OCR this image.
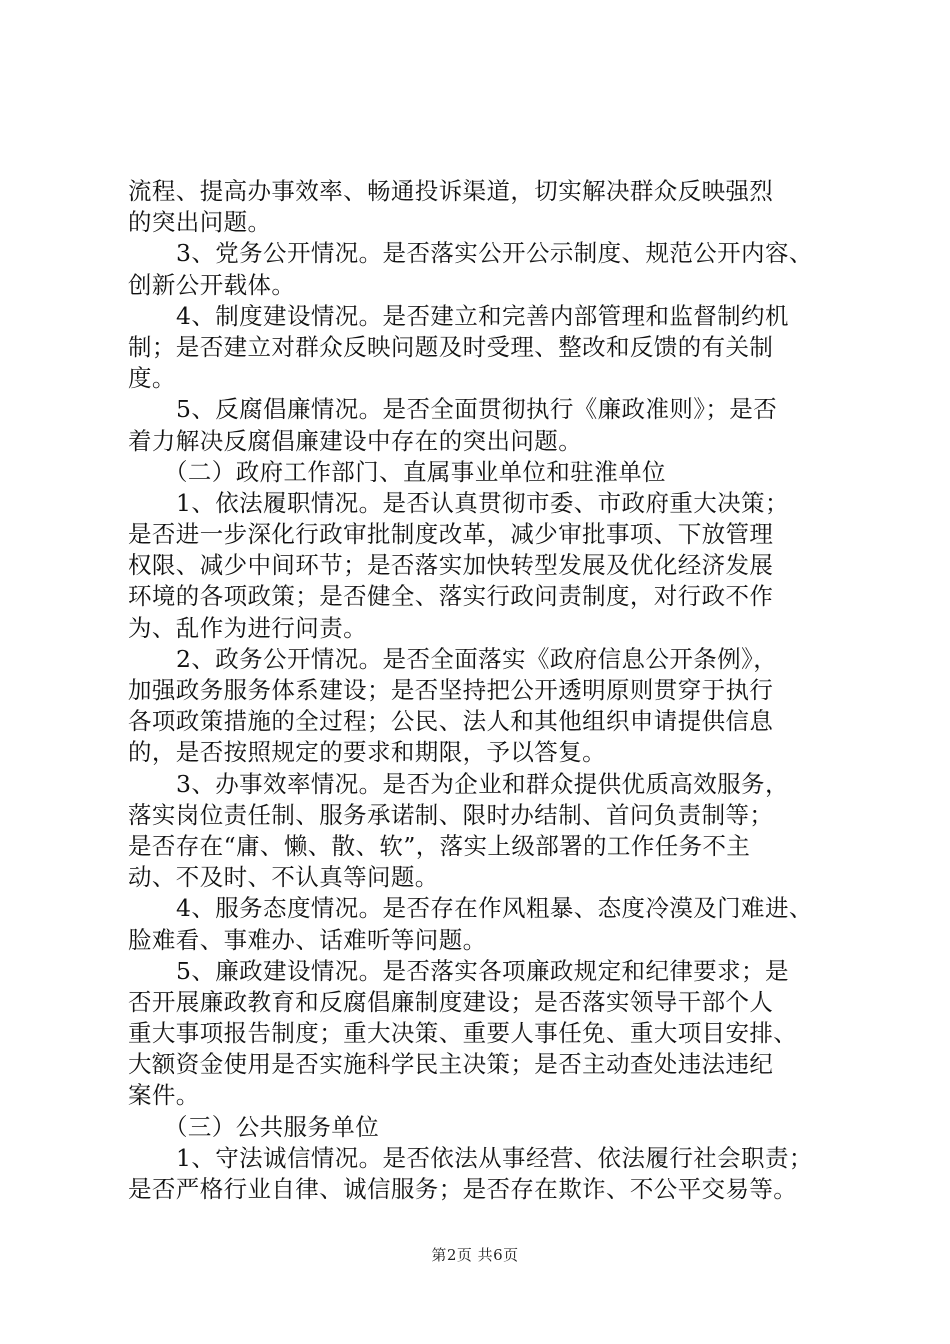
流程、提高办事效率、畅通投诉渠道，切实解决群众反映强烈
的突出问题。
3、党务公开情况。是否落实公开公示制度、规范公开内容、
创新公开载体。
4、制度建设情况。是否建立和完善内部管理和监督制约机
制；是否建立对群众反映问题及时受理、整改和反馈的有关制
度。
5、反腐倡廉情况。是否全面贯彻执行《廉政准则》；是否
着力解决反腐倡廉建设中存在的突出问题。
（二）政府工作部门、直属事业单位和驻淮单位
1、依法履职情况。是否认真贯彻市委、市政府重大决策；
是否进一步深化行政审批制度改革，减少审批事项、下放管理
权限、减少中间环节；是否落实加快转型发展及优化经济发展
环境的各项政策；是否健全、落实行政问责制度，对行政不作
为、乱作为进行问责。
2、政务公开情况。是否全面落实《政府信息公开条例》，
加强政务服务体系建设；是否坚持把公开透明原则贯穿于执行
各项政策措施的全过程；公民、法人和其他组织申请提供信息
的，是否按照规定的要求和期限，予以答复。
3、办事效率情况。是否为企业和群众提供优质高效服务，
落实岗位责任制、服务承诺制、限时办结制、首问负责制等；
是否存在“庸、懒、散、软”，落实上级部署的工作任务不主
动、不及时、不认真等问题。
4、服务态度情况。是否存在作风粗暴、态度冷漠及门难进、
脸难看、事难办、话难听等问题。
5、廉政建设情况。是否落实各项廉政规定和纪律要求；是
否开展廉政教育和反腐倡廉制度建设；是否落实领导干部个人
重大事项报告制度；重大决策、重要人事任免、重大项目安排、
大额资金使用是否实施科学民主决策；是否主动查处违法违纪
案件。
（三）公共服务单位
1、守法诚信情况。是否依法从事经营、依法履行社会职责；
是否严格行业自律、诚信服务；是否存在欺诈、不公平交易等。
第2页 共6页
